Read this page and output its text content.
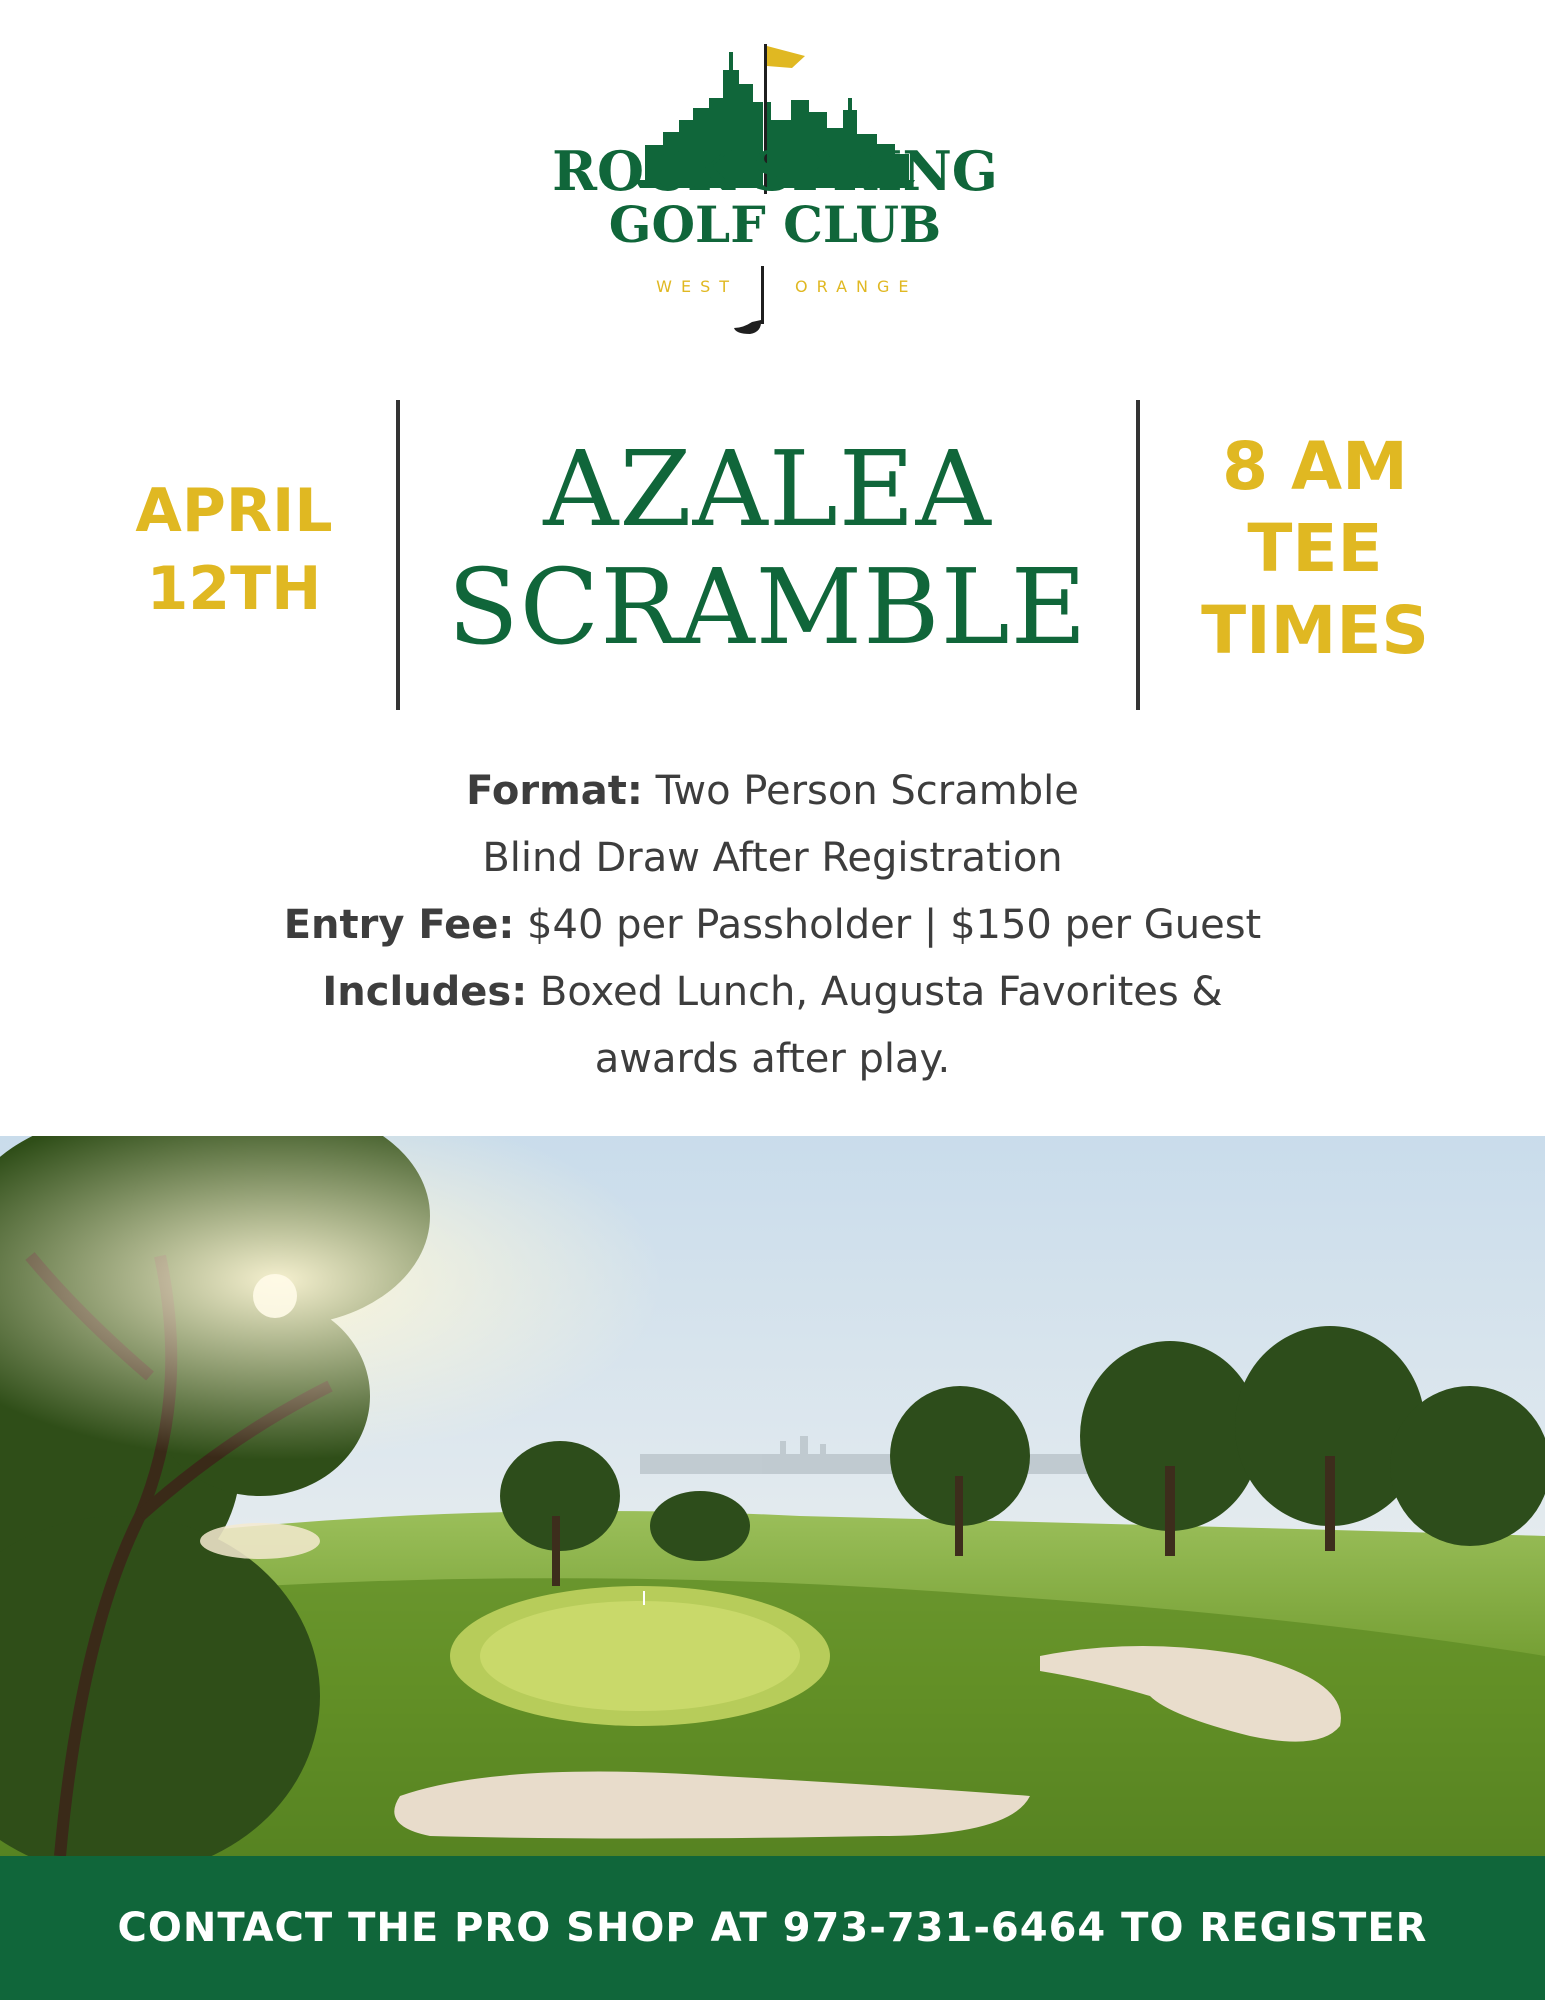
ROCK SPRING
GOLF CLUB
WEST	ORANGE
APRIL
12TH
AZALEA
SCRAMBLE
8 AM
TEE
TIMES
Format: Two Person Scramble
Blind Draw After Registration
Entry Fee: $40 per Passholder | $150 per Guest
Includes: Boxed Lunch, Augusta Favorites &
awards after play.
CONTACT THE PRO SHOP AT 973-731-6464 TO REGISTER
